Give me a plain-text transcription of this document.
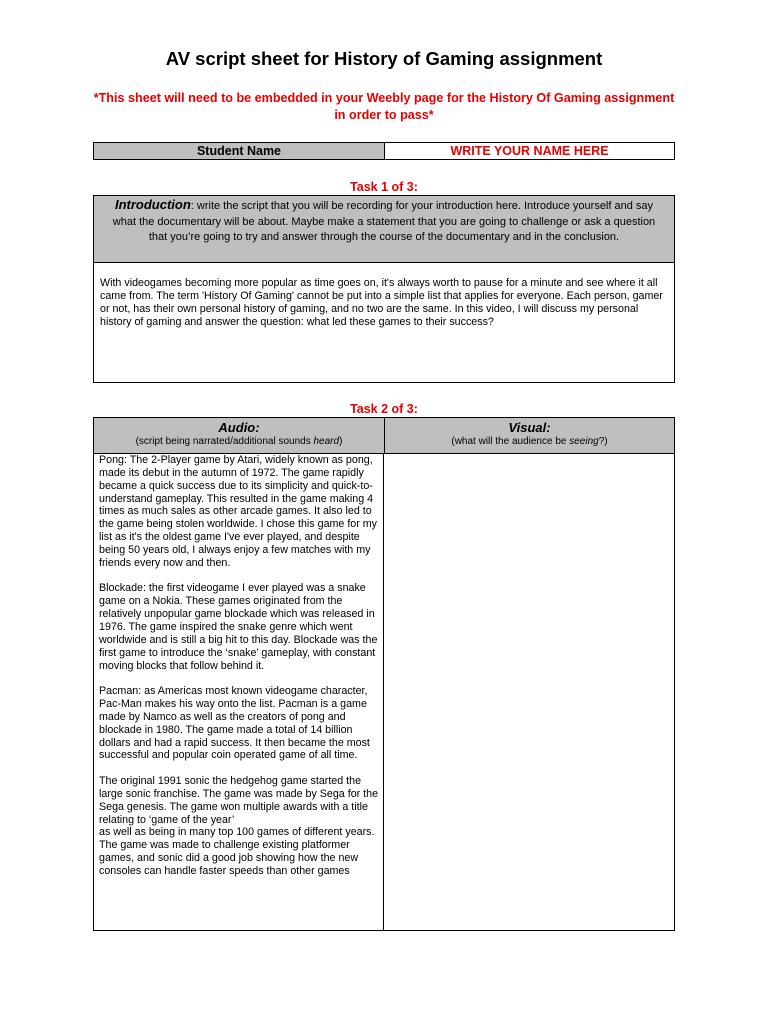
AV script sheet for History of Gaming assignment
*This sheet will need to be embedded in your Weebly page for the History Of Gaming assignment in order to pass*
Student Name	WRITE YOUR NAME HERE
Task 1 of 3:
Introduction: write the script that you will be recording for your introduction here. Introduce yourself and say what the documentary will be about. Maybe make a statement that you are going to challenge or ask a question that you’re going to try and answer through the course of the documentary and in the conclusion.
With videogames becoming more popular as time goes on, it's always worth to pause for a minute and see where it all came from. The term 'History Of Gaming' cannot be put into a simple list that applies for everyone. Each person, gamer or not, has their own personal history of gaming, and no two are the same. In this video, I will discuss my personal history of gaming and answer the question: what led these games to their success?
Task 2 of 3:
Audio:
(script being narrated/additional sounds heard)
Visual:
(what will the audience be seeing?)

Pong: The 2-Player game by Atari, widely known as pong, made its debut in the autumn of 1972. The game rapidly became a quick success due to its simplicity and quick-to-understand gameplay. This resulted in the game making 4 times as much sales as other arcade games. It also led to the game being stolen worldwide. I chose this game for my list as it's the oldest game I've ever played, and despite being 50 years old, I always enjoy a few matches with my friends every now and then.

Blockade: the first videogame I ever played was a snake
game on a Nokia. These games originated from the relatively unpopular game blockade which was released in 1976. The game inspired the snake genre which went worldwide and is still a big hit to this day. Blockade was the first game to introduce the ‘snake’ gameplay, with constant moving blocks that follow behind it.

Pacman: as Americas most known videogame character, Pac-Man makes his way onto the list. Pacman is a game made by Namco as well as the creators of pong and blockade in 1980. The game made a total of 14 billion dollars and had a rapid success. It then became the most successful and popular coin operated game of all time.

The original 1991 sonic the hedgehog game started the large sonic franchise. The game was made by Sega for the Sega genesis. The game won multiple awards with a title relating to ‘game of the year’
as well as being in many top 100 games of different years. The game was made to challenge existing platformer games, and sonic did a good job showing how the new consoles can handle faster speeds than other games
